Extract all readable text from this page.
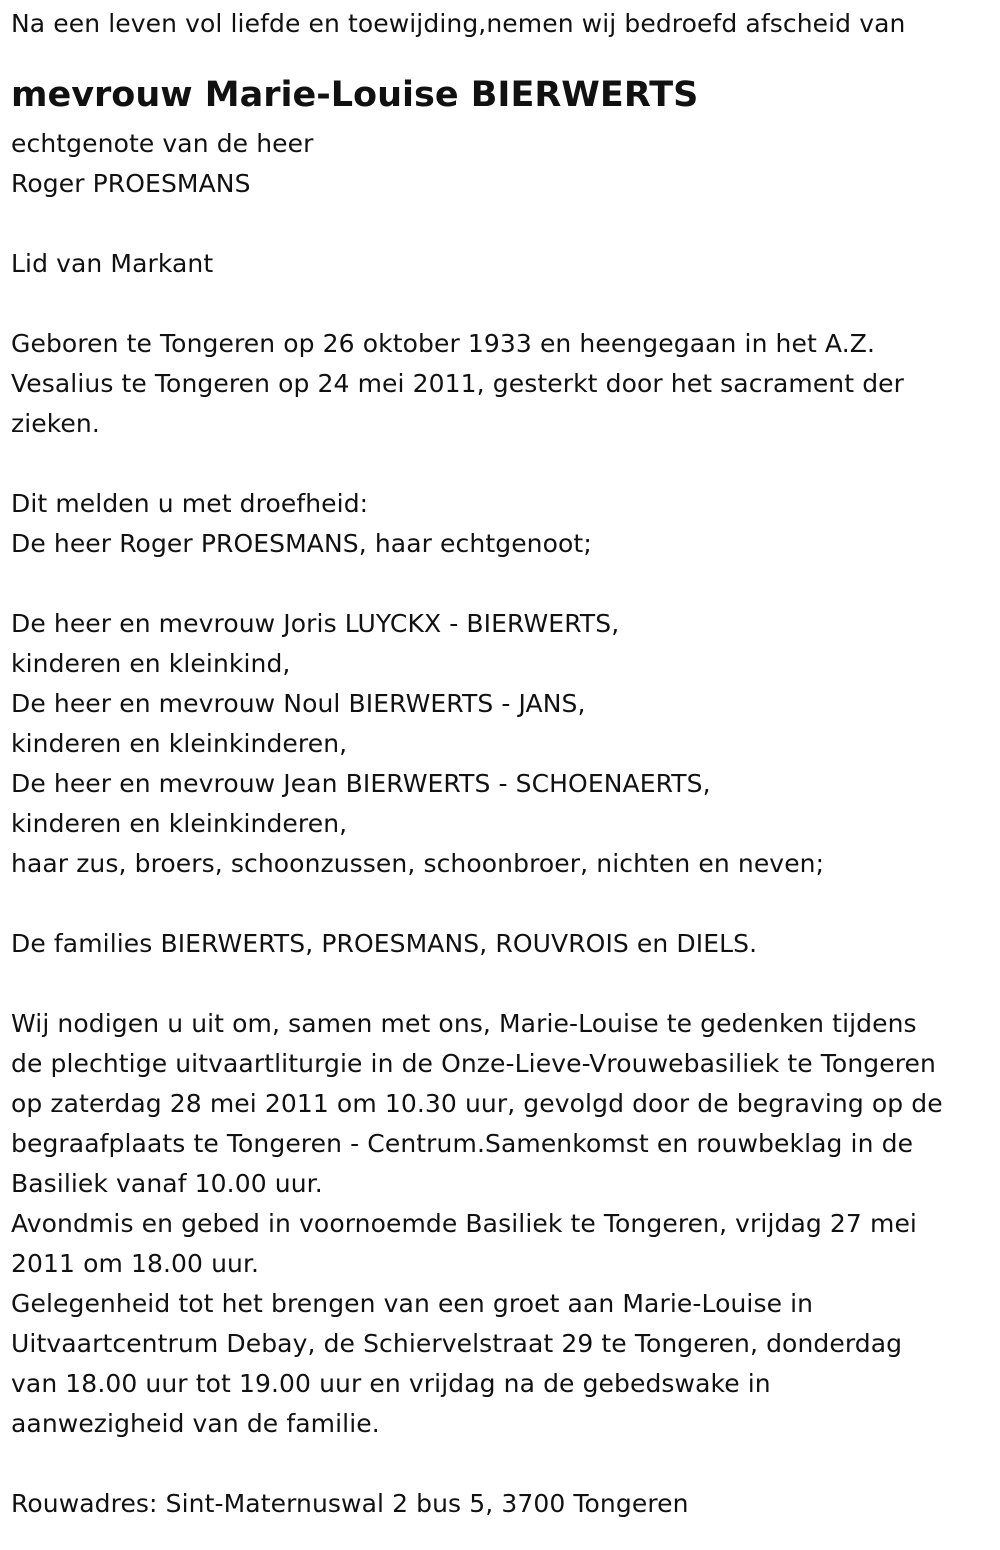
Na een leven vol liefde en toewijding,nemen wij bedroefd afscheid van
mevrouw Marie-Louise BIERWERTS
echtgenote van de heer
Roger PROESMANS
Lid van Markant
Geboren te Tongeren op 26 oktober 1933 en heengegaan in het A.Z.
Vesalius te Tongeren op 24 mei 2011, gesterkt door het sacrament der
zieken.
Dit melden u met droefheid:
De heer Roger PROESMANS, haar echtgenoot;
De heer en mevrouw Joris LUYCKX - BIERWERTS,
kinderen en kleinkind,
De heer en mevrouw Noul BIERWERTS - JANS,
kinderen en kleinkinderen,
De heer en mevrouw Jean BIERWERTS - SCHOENAERTS,
kinderen en kleinkinderen,
haar zus, broers, schoonzussen, schoonbroer, nichten en neven;
De families BIERWERTS, PROESMANS, ROUVROIS en DIELS.
Wij nodigen u uit om, samen met ons, Marie-Louise te gedenken tijdens
de plechtige uitvaartliturgie in de Onze-Lieve-Vrouwebasiliek te Tongeren
op zaterdag 28 mei 2011 om 10.30 uur, gevolgd door de begraving op de
begraafplaats te Tongeren - Centrum.Samenkomst en rouwbeklag in de
Basiliek vanaf 10.00 uur.
Avondmis en gebed in voornoemde Basiliek te Tongeren, vrijdag 27 mei
2011 om 18.00 uur.
Gelegenheid tot het brengen van een groet aan Marie-Louise in
Uitvaartcentrum Debay, de Schiervelstraat 29 te Tongeren, donderdag
van 18.00 uur tot 19.00 uur en vrijdag na de gebedswake in
aanwezigheid van de familie.
Rouwadres: Sint-Maternuswal 2 bus 5, 3700 Tongeren
